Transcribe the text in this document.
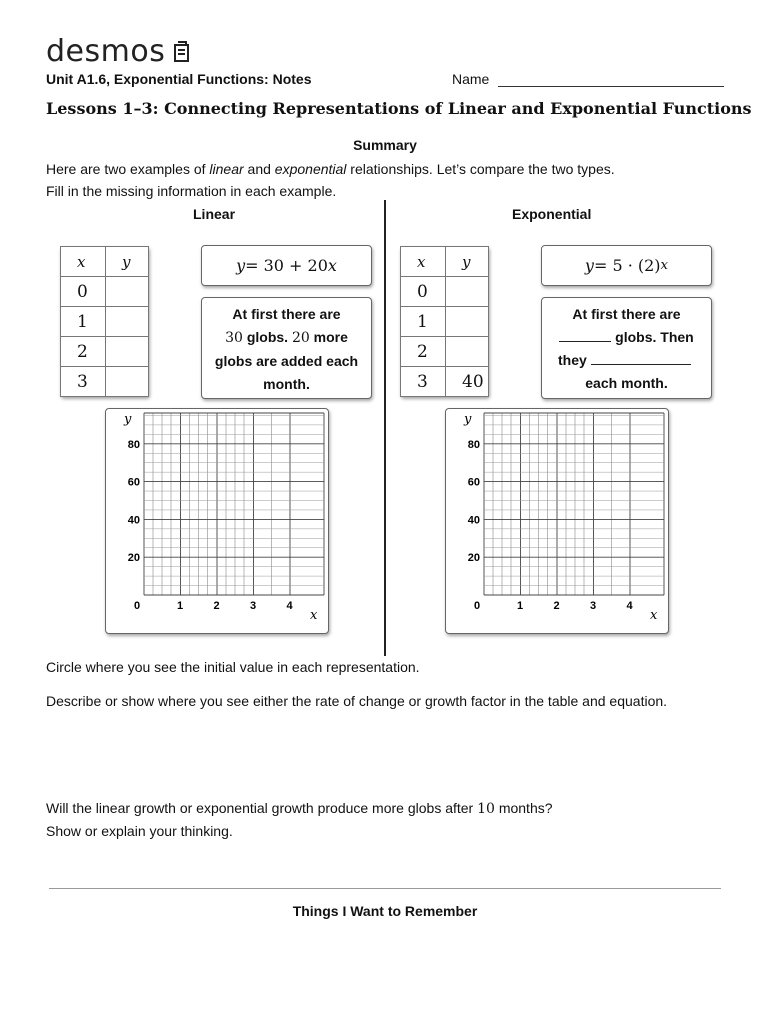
desmos
Unit A1.6, Exponential Functions: Notes	Name
Lessons 1–3: Connecting Representations of Linear and Exponential Functions
Summary
Here are two examples of linear and exponential relationships. Let’s compare the two types.
Fill in the missing information in each example.
Linear	Exponential
x	y
0	
1	
2	
3	
y = 30 + 20 x
At first there are
30 globs. 20 more
globs are added each
month.
x	y
0	
1	
2	
3	40
y = 5 · (2) x
At first there are
globs. Then
they
each month.
y
x
80
60
40
20
0	1	2	3	4
y
x
80
60
40
20
0	1	2	3	4
Circle where you see the initial value in each representation.
Describe or show where you see either the rate of change or growth factor in the table and equation.
Will the linear growth or exponential growth produce more globs after 10 months?
Show or explain your thinking.
Things I Want to Remember
